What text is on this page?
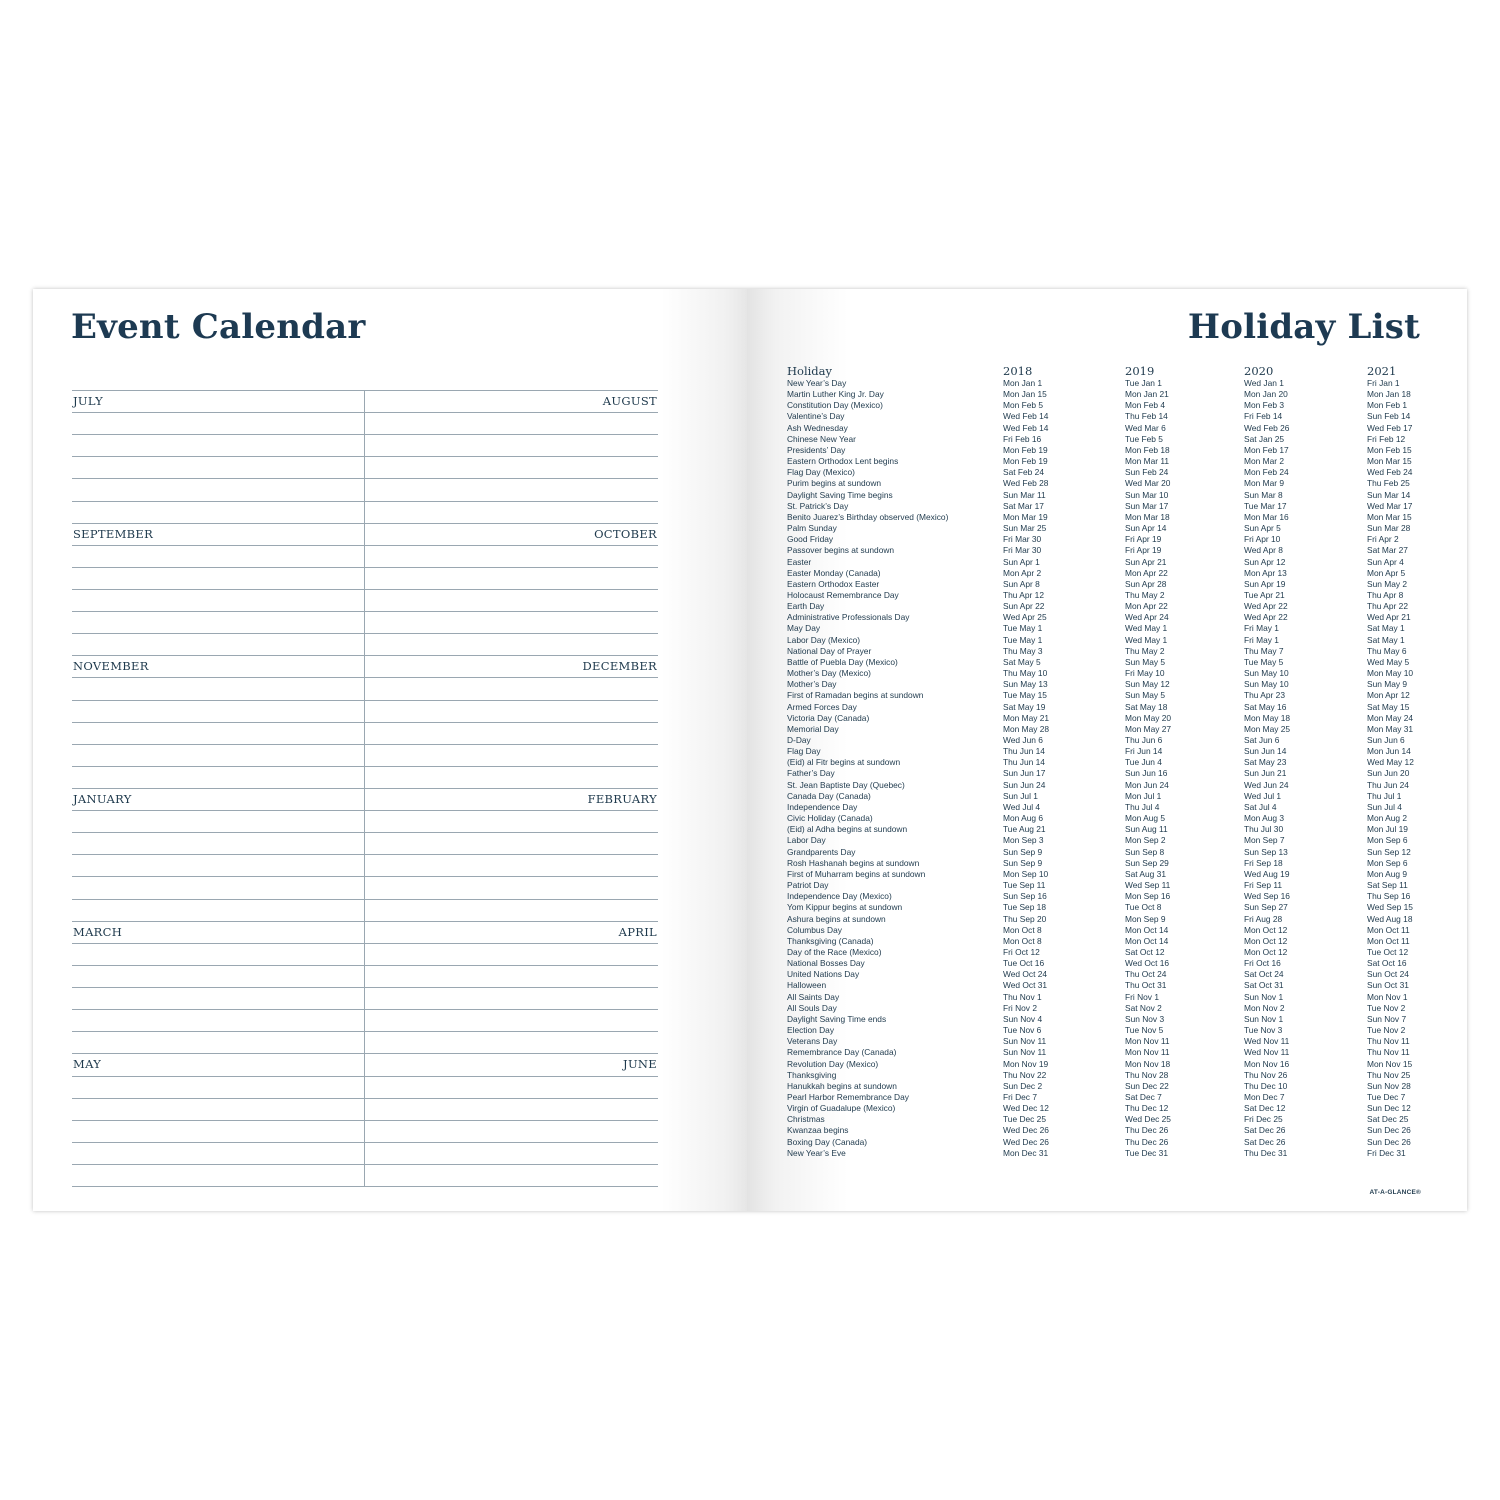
Event Calendar
JULY	AUGUST
SEPTEMBER	OCTOBER
NOVEMBER	DECEMBER
JANUARY	FEBRUARY
MARCH	APRIL
MAY	JUNE
Holiday List
Holiday	2018	2019	2020	2021
New Year’s Day	Mon Jan 1	Tue Jan 1	Wed Jan 1	Fri Jan 1
Martin Luther King Jr. Day	Mon Jan 15	Mon Jan 21	Mon Jan 20	Mon Jan 18
Constitution Day (Mexico)	Mon Feb 5	Mon Feb 4	Mon Feb 3	Mon Feb 1
Valentine’s Day	Wed Feb 14	Thu Feb 14	Fri Feb 14	Sun Feb 14
Ash Wednesday	Wed Feb 14	Wed Mar 6	Wed Feb 26	Wed Feb 17
Chinese New Year	Fri Feb 16	Tue Feb 5	Sat Jan 25	Fri Feb 12
Presidents’ Day	Mon Feb 19	Mon Feb 18	Mon Feb 17	Mon Feb 15
Eastern Orthodox Lent begins	Mon Feb 19	Mon Mar 11	Mon Mar 2	Mon Mar 15
Flag Day (Mexico)	Sat Feb 24	Sun Feb 24	Mon Feb 24	Wed Feb 24
Purim begins at sundown	Wed Feb 28	Wed Mar 20	Mon Mar 9	Thu Feb 25
Daylight Saving Time begins	Sun Mar 11	Sun Mar 10	Sun Mar 8	Sun Mar 14
St. Patrick’s Day	Sat Mar 17	Sun Mar 17	Tue Mar 17	Wed Mar 17
Benito Juarez’s Birthday observed (Mexico)	Mon Mar 19	Mon Mar 18	Mon Mar 16	Mon Mar 15
Palm Sunday	Sun Mar 25	Sun Apr 14	Sun Apr 5	Sun Mar 28
Good Friday	Fri Mar 30	Fri Apr 19	Fri Apr 10	Fri Apr 2
Passover begins at sundown	Fri Mar 30	Fri Apr 19	Wed Apr 8	Sat Mar 27
Easter	Sun Apr 1	Sun Apr 21	Sun Apr 12	Sun Apr 4
Easter Monday (Canada)	Mon Apr 2	Mon Apr 22	Mon Apr 13	Mon Apr 5
Eastern Orthodox Easter	Sun Apr 8	Sun Apr 28	Sun Apr 19	Sun May 2
Holocaust Remembrance Day	Thu Apr 12	Thu May 2	Tue Apr 21	Thu Apr 8
Earth Day	Sun Apr 22	Mon Apr 22	Wed Apr 22	Thu Apr 22
Administrative Professionals Day	Wed Apr 25	Wed Apr 24	Wed Apr 22	Wed Apr 21
May Day	Tue May 1	Wed May 1	Fri May 1	Sat May 1
Labor Day (Mexico)	Tue May 1	Wed May 1	Fri May 1	Sat May 1
National Day of Prayer	Thu May 3	Thu May 2	Thu May 7	Thu May 6
Battle of Puebla Day (Mexico)	Sat May 5	Sun May 5	Tue May 5	Wed May 5
Mother’s Day (Mexico)	Thu May 10	Fri May 10	Sun May 10	Mon May 10
Mother’s Day	Sun May 13	Sun May 12	Sun May 10	Sun May 9
First of Ramadan begins at sundown	Tue May 15	Sun May 5	Thu Apr 23	Mon Apr 12
Armed Forces Day	Sat May 19	Sat May 18	Sat May 16	Sat May 15
Victoria Day (Canada)	Mon May 21	Mon May 20	Mon May 18	Mon May 24
Memorial Day	Mon May 28	Mon May 27	Mon May 25	Mon May 31
D-Day	Wed Jun 6	Thu Jun 6	Sat Jun 6	Sun Jun 6
Flag Day	Thu Jun 14	Fri Jun 14	Sun Jun 14	Mon Jun 14
(Eid) al Fitr begins at sundown	Thu Jun 14	Tue Jun 4	Sat May 23	Wed May 12
Father’s Day	Sun Jun 17	Sun Jun 16	Sun Jun 21	Sun Jun 20
St. Jean Baptiste Day (Quebec)	Sun Jun 24	Mon Jun 24	Wed Jun 24	Thu Jun 24
Canada Day (Canada)	Sun Jul 1	Mon Jul 1	Wed Jul 1	Thu Jul 1
Independence Day	Wed Jul 4	Thu Jul 4	Sat Jul 4	Sun Jul 4
Civic Holiday (Canada)	Mon Aug 6	Mon Aug 5	Mon Aug 3	Mon Aug 2
(Eid) al Adha begins at sundown	Tue Aug 21	Sun Aug 11	Thu Jul 30	Mon Jul 19
Labor Day	Mon Sep 3	Mon Sep 2	Mon Sep 7	Mon Sep 6
Grandparents Day	Sun Sep 9	Sun Sep 8	Sun Sep 13	Sun Sep 12
Rosh Hashanah begins at sundown	Sun Sep 9	Sun Sep 29	Fri Sep 18	Mon Sep 6
First of Muharram begins at sundown	Mon Sep 10	Sat Aug 31	Wed Aug 19	Mon Aug 9
Patriot Day	Tue Sep 11	Wed Sep 11	Fri Sep 11	Sat Sep 11
Independence Day (Mexico)	Sun Sep 16	Mon Sep 16	Wed Sep 16	Thu Sep 16
Yom Kippur begins at sundown	Tue Sep 18	Tue Oct 8	Sun Sep 27	Wed Sep 15
Ashura begins at sundown	Thu Sep 20	Mon Sep 9	Fri Aug 28	Wed Aug 18
Columbus Day	Mon Oct 8	Mon Oct 14	Mon Oct 12	Mon Oct 11
Thanksgiving (Canada)	Mon Oct 8	Mon Oct 14	Mon Oct 12	Mon Oct 11
Day of the Race (Mexico)	Fri Oct 12	Sat Oct 12	Mon Oct 12	Tue Oct 12
National Bosses Day	Tue Oct 16	Wed Oct 16	Fri Oct 16	Sat Oct 16
United Nations Day	Wed Oct 24	Thu Oct 24	Sat Oct 24	Sun Oct 24
Halloween	Wed Oct 31	Thu Oct 31	Sat Oct 31	Sun Oct 31
All Saints Day	Thu Nov 1	Fri Nov 1	Sun Nov 1	Mon Nov 1
All Souls Day	Fri Nov 2	Sat Nov 2	Mon Nov 2	Tue Nov 2
Daylight Saving Time ends	Sun Nov 4	Sun Nov 3	Sun Nov 1	Sun Nov 7
Election Day	Tue Nov 6	Tue Nov 5	Tue Nov 3	Tue Nov 2
Veterans Day	Sun Nov 11	Mon Nov 11	Wed Nov 11	Thu Nov 11
Remembrance Day (Canada)	Sun Nov 11	Mon Nov 11	Wed Nov 11	Thu Nov 11
Revolution Day (Mexico)	Mon Nov 19	Mon Nov 18	Mon Nov 16	Mon Nov 15
Thanksgiving	Thu Nov 22	Thu Nov 28	Thu Nov 26	Thu Nov 25
Hanukkah begins at sundown	Sun Dec 2	Sun Dec 22	Thu Dec 10	Sun Nov 28
Pearl Harbor Remembrance Day	Fri Dec 7	Sat Dec 7	Mon Dec 7	Tue Dec 7
Virgin of Guadalupe (Mexico)	Wed Dec 12	Thu Dec 12	Sat Dec 12	Sun Dec 12
Christmas	Tue Dec 25	Wed Dec 25	Fri Dec 25	Sat Dec 25
Kwanzaa begins	Wed Dec 26	Thu Dec 26	Sat Dec 26	Sun Dec 26
Boxing Day (Canada)	Wed Dec 26	Thu Dec 26	Sat Dec 26	Sun Dec 26
New Year’s Eve	Mon Dec 31	Tue Dec 31	Thu Dec 31	Fri Dec 31
AT-A-GLANCE®
